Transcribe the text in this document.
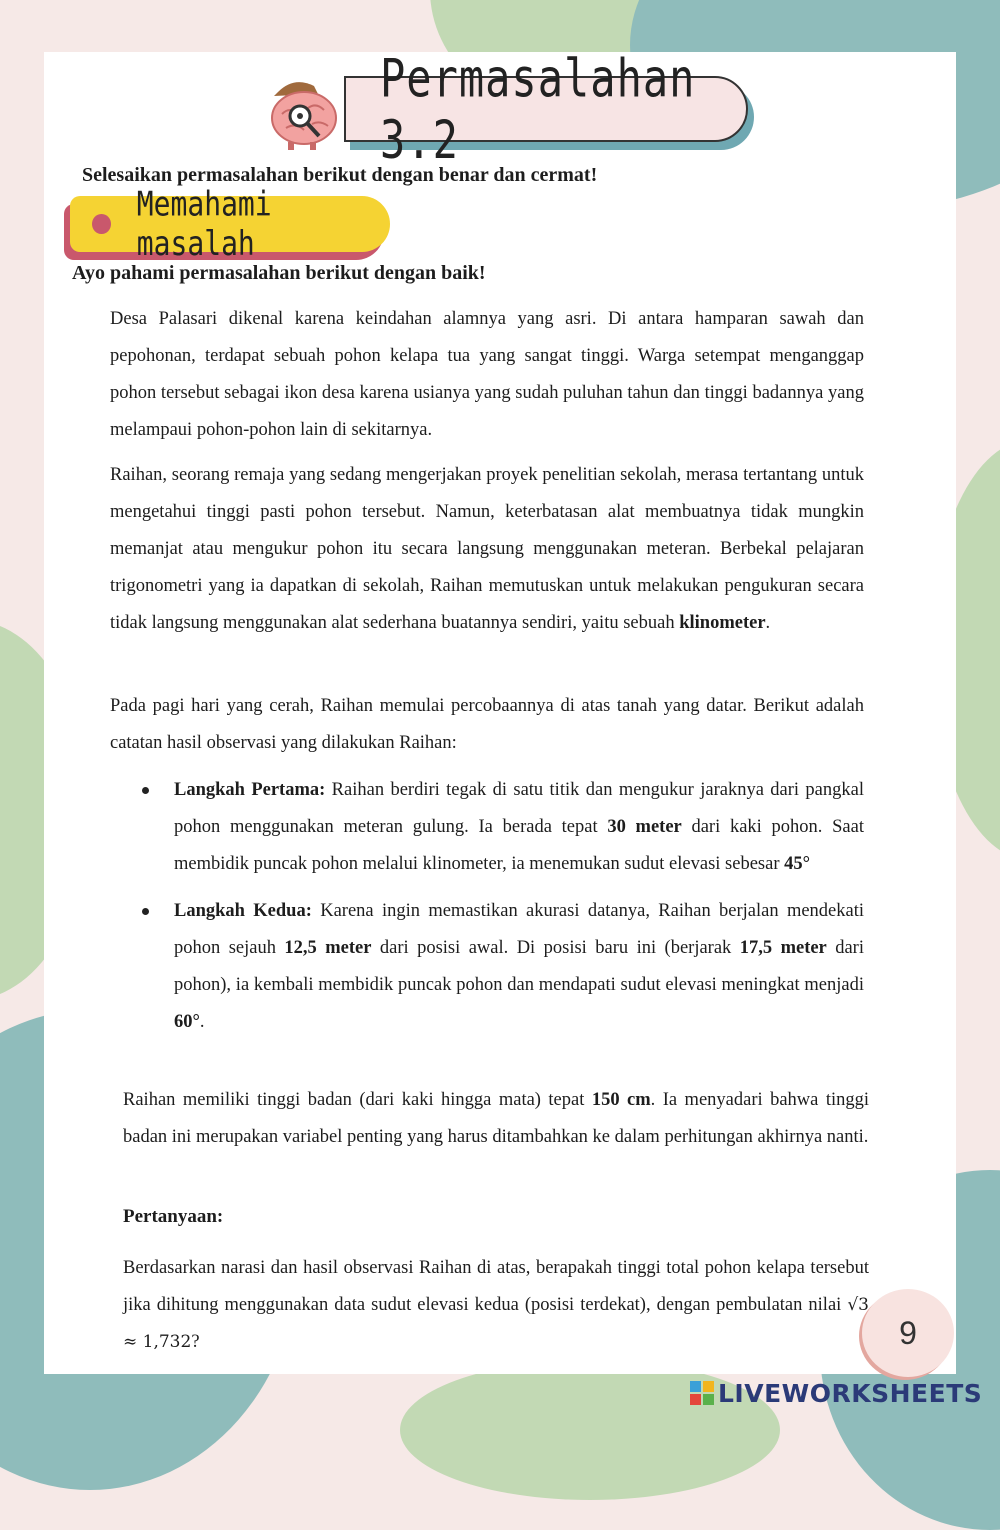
Permasalahan 3.2
Selesaikan permasalahan berikut dengan benar dan cermat!
Memahami masalah
Ayo pahami permasalahan berikut dengan baik!

Desa Palasari dikenal karena keindahan alamnya yang asri. Di antara hamparan sawah dan pepohonan, terdapat sebuah pohon kelapa tua yang sangat tinggi. Warga setempat menganggap pohon tersebut sebagai ikon desa karena usianya yang sudah puluhan tahun dan tinggi badannya yang melampaui pohon-pohon lain di sekitarnya.

Raihan, seorang remaja yang sedang mengerjakan proyek penelitian sekolah, merasa tertantang untuk mengetahui tinggi pasti pohon tersebut. Namun, keterbatasan alat membuatnya tidak mungkin memanjat atau mengukur pohon itu secara langsung menggunakan meteran. Berbekal pelajaran trigonometri yang ia dapatkan di sekolah, Raihan memutuskan untuk melakukan pengukuran secara tidak langsung menggunakan alat sederhana buatannya sendiri, yaitu sebuah klinometer.

Pada pagi hari yang cerah, Raihan memulai percobaannya di atas tanah yang datar. Berikut adalah catatan hasil observasi yang dilakukan Raihan:

Langkah Pertama: Raihan berdiri tegak di satu titik dan mengukur jaraknya dari pangkal pohon menggunakan meteran gulung. Ia berada tepat 30 meter dari kaki pohon. Saat membidik puncak pohon melalui klinometer, ia menemukan sudut elevasi sebesar 45°
Langkah Kedua: Karena ingin memastikan akurasi datanya, Raihan berjalan mendekati pohon sejauh 12,5 meter dari posisi awal. Di posisi baru ini (berjarak 17,5 meter dari pohon), ia kembali membidik puncak pohon dan mendapati sudut elevasi meningkat menjadi 60°.

Raihan memiliki tinggi badan (dari kaki hingga mata) tepat 150 cm. Ia menyadari bahwa tinggi badan ini merupakan variabel penting yang harus ditambahkan ke dalam perhitungan akhirnya nanti.

Pertanyaan:

Berdasarkan narasi dan hasil observasi Raihan di atas, berapakah tinggi total pohon kelapa tersebut jika dihitung menggunakan data sudut elevasi kedua (posisi terdekat), dengan pembulatan nilai √3 ≈ 1,732?	9
LIVEWORKSHEETS
